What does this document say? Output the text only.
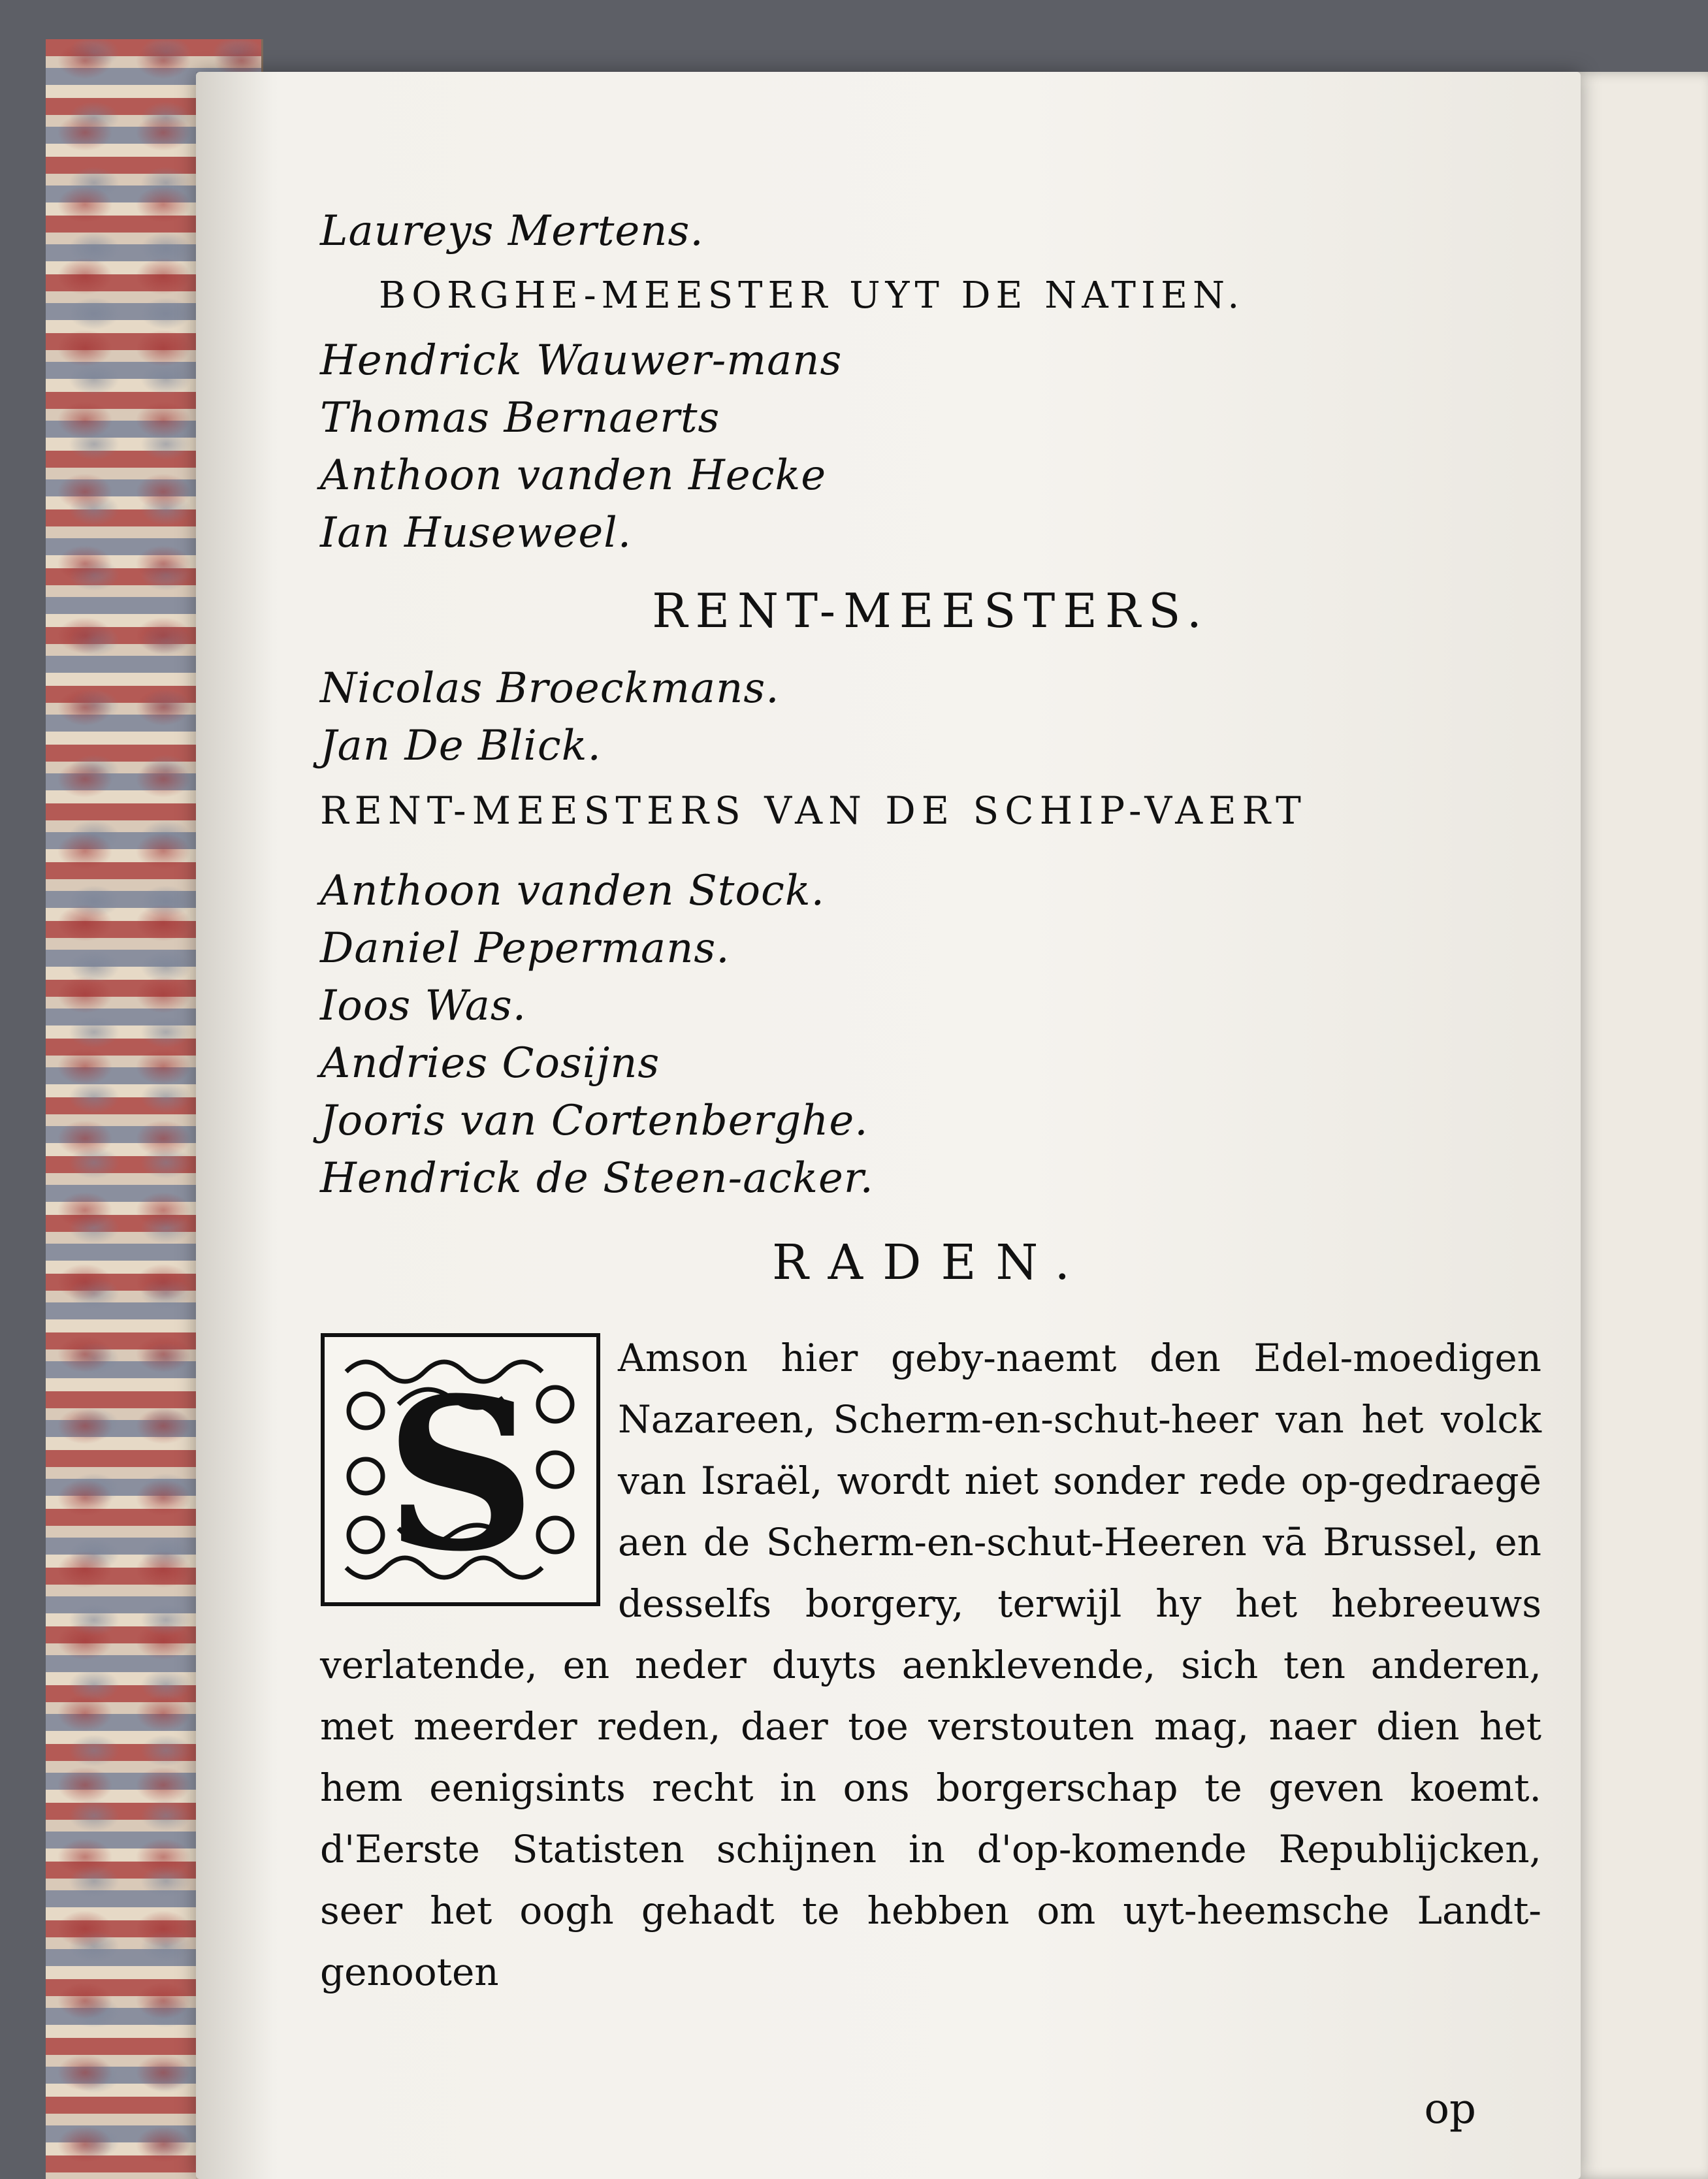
Laureys Mertens.

BORGHE-MEESTER UYT DE NATIEN.

Hendrick Wauwer-mans

Thomas Bernaerts

Anthoon vanden Hecke

Ian Huseweel.

RENT-MEESTERS.

Nicolas Broeckmans.

Jan De Blick.

RENT-MEESTERS VAN DE SCHIP-VAERT

Anthoon vanden Stock.

Daniel Pepermans.

Ioos Was.

Andries Cosijns

Jooris van Cortenberghe.

Hendrick de Steen-acker.

RADEN.

S	Amson hier geby-naemt den Edel-moedigen Nazareen, Scherm-en-schut-heer van het volck van Israël, wordt niet sonder rede op-gedraegē aen de Scherm-en-schut-Heeren vā Brussel, en desselfs borgery, terwijl hy het hebreeuws verlatende, en neder duyts aenklevende, sich ten anderen, met meerder reden, daer toe verstouten mag, naer dien het hem eenigsints recht in ons borgerschap te geven koemt. d'Eerste Statisten schijnen in d'op-komende Republijcken, seer het oogh gehadt te hebben om uyt-heemsche Landt-genooten

op
